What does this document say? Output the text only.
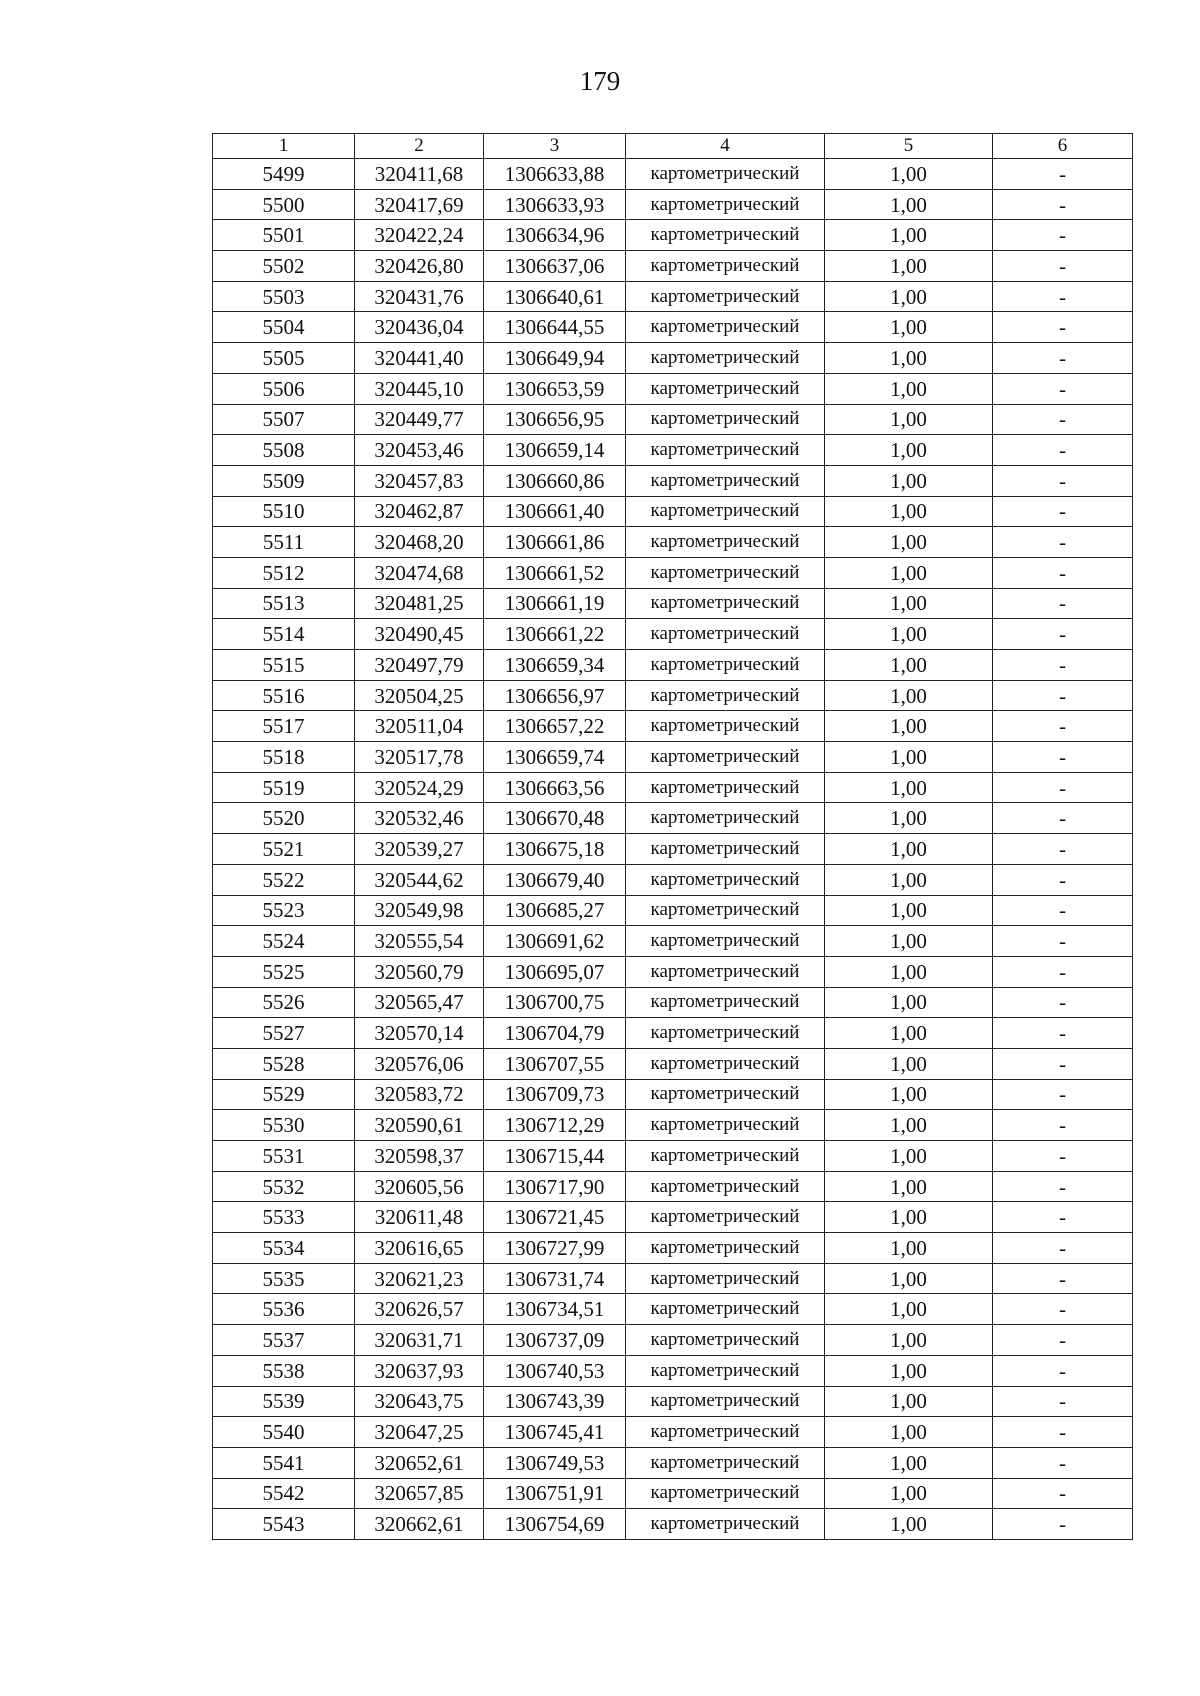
179
1	2	3	4	5	6
5499	320411,68	1306633,88	картометрический	1,00	-
5500	320417,69	1306633,93	картометрический	1,00	-
5501	320422,24	1306634,96	картометрический	1,00	-
5502	320426,80	1306637,06	картометрический	1,00	-
5503	320431,76	1306640,61	картометрический	1,00	-
5504	320436,04	1306644,55	картометрический	1,00	-
5505	320441,40	1306649,94	картометрический	1,00	-
5506	320445,10	1306653,59	картометрический	1,00	-
5507	320449,77	1306656,95	картометрический	1,00	-
5508	320453,46	1306659,14	картометрический	1,00	-
5509	320457,83	1306660,86	картометрический	1,00	-
5510	320462,87	1306661,40	картометрический	1,00	-
5511	320468,20	1306661,86	картометрический	1,00	-
5512	320474,68	1306661,52	картометрический	1,00	-
5513	320481,25	1306661,19	картометрический	1,00	-
5514	320490,45	1306661,22	картометрический	1,00	-
5515	320497,79	1306659,34	картометрический	1,00	-
5516	320504,25	1306656,97	картометрический	1,00	-
5517	320511,04	1306657,22	картометрический	1,00	-
5518	320517,78	1306659,74	картометрический	1,00	-
5519	320524,29	1306663,56	картометрический	1,00	-
5520	320532,46	1306670,48	картометрический	1,00	-
5521	320539,27	1306675,18	картометрический	1,00	-
5522	320544,62	1306679,40	картометрический	1,00	-
5523	320549,98	1306685,27	картометрический	1,00	-
5524	320555,54	1306691,62	картометрический	1,00	-
5525	320560,79	1306695,07	картометрический	1,00	-
5526	320565,47	1306700,75	картометрический	1,00	-
5527	320570,14	1306704,79	картометрический	1,00	-
5528	320576,06	1306707,55	картометрический	1,00	-
5529	320583,72	1306709,73	картометрический	1,00	-
5530	320590,61	1306712,29	картометрический	1,00	-
5531	320598,37	1306715,44	картометрический	1,00	-
5532	320605,56	1306717,90	картометрический	1,00	-
5533	320611,48	1306721,45	картометрический	1,00	-
5534	320616,65	1306727,99	картометрический	1,00	-
5535	320621,23	1306731,74	картометрический	1,00	-
5536	320626,57	1306734,51	картометрический	1,00	-
5537	320631,71	1306737,09	картометрический	1,00	-
5538	320637,93	1306740,53	картометрический	1,00	-
5539	320643,75	1306743,39	картометрический	1,00	-
5540	320647,25	1306745,41	картометрический	1,00	-
5541	320652,61	1306749,53	картометрический	1,00	-
5542	320657,85	1306751,91	картометрический	1,00	-
5543	320662,61	1306754,69	картометрический	1,00	-
